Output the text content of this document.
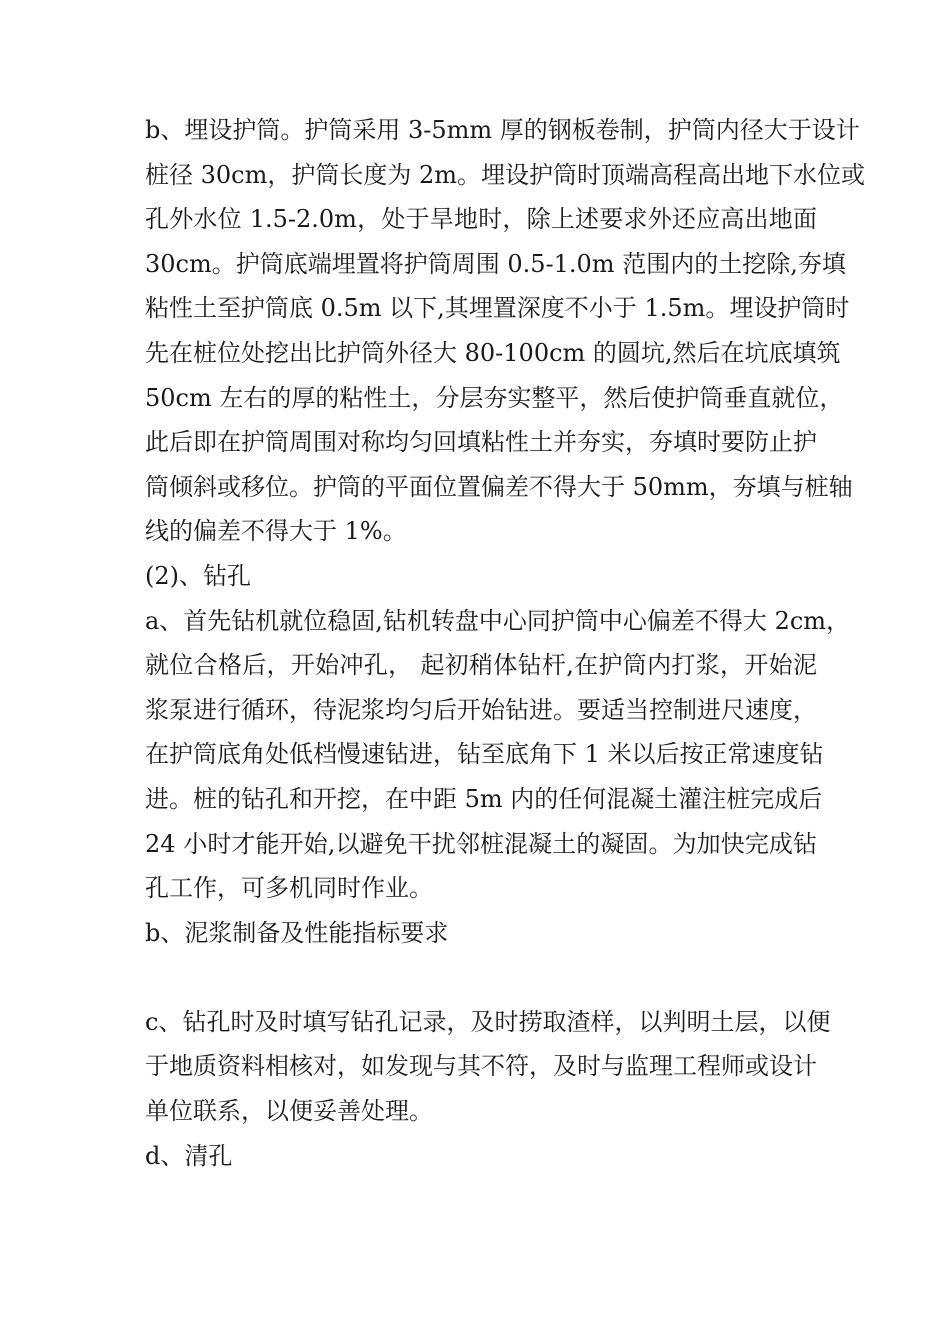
b、埋设护筒。护筒采用 3-5mm 厚的钢板卷制，护筒内径大于设计
桩径 30cm，护筒长度为 2m。埋设护筒时顶端高程高出地下水位或
孔外水位 1.5-2.0m，处于旱地时，除上述要求外还应高出地面
30cm。护筒底端埋置将护筒周围 0.5-1.0m 范围内的土挖除,夯填
粘性土至护筒底 0.5m 以下,其埋置深度不小于 1.5m。埋设护筒时
先在桩位处挖出比护筒外径大 80-100cm 的圆坑,然后在坑底填筑
50cm 左右的厚的粘性土，分层夯实整平，然后使护筒垂直就位，
此后即在护筒周围对称均匀回填粘性土并夯实，夯填时要防止护
筒倾斜或移位。护筒的平面位置偏差不得大于 50mm，夯填与桩轴
线的偏差不得大于 1%。
(2)、钻孔
a、首先钻机就位稳固,钻机转盘中心同护筒中心偏差不得大 2cm，
就位合格后，开始冲孔， 起初稍体钻杆,在护筒内打浆，开始泥
浆泵进行循环，待泥浆均匀后开始钻进。要适当控制进尺速度，
在护筒底角处低档慢速钻进，钻至底角下 1 米以后按正常速度钻
进。桩的钻孔和开挖，在中距 5m 内的任何混凝土灌注桩完成后
24 小时才能开始,以避免干扰邻桩混凝土的凝固。为加快完成钻
孔工作，可多机同时作业。
b、泥浆制备及性能指标要求
c、钻孔时及时填写钻孔记录，及时捞取渣样，以判明土层，以便
于地质资料相核对，如发现与其不符，及时与监理工程师或设计
单位联系，以便妥善处理。
d、清孔
